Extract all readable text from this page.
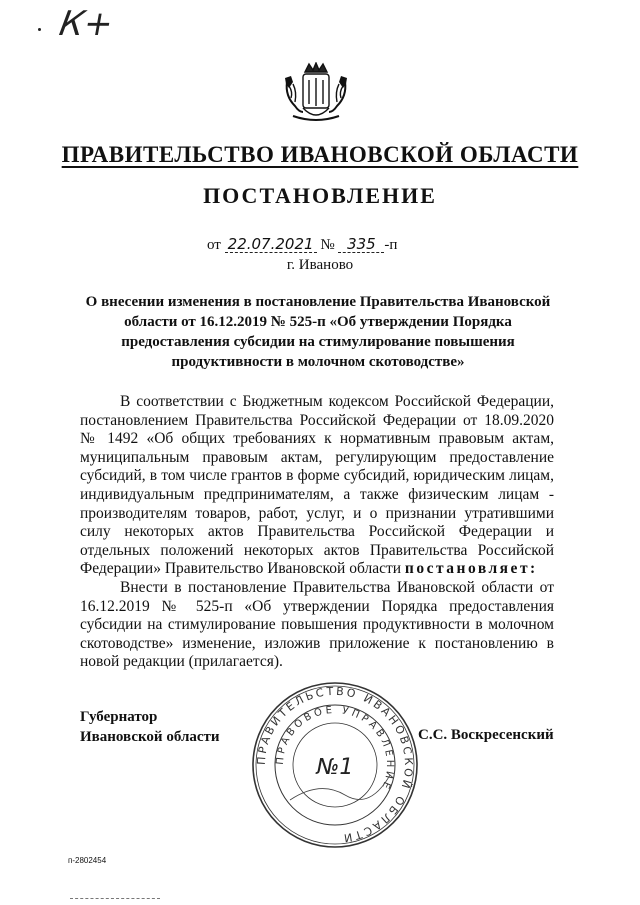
К+
ПРАВИТЕЛЬСТВО ИВАНОВСКОЙ ОБЛАСТИ
ПОСТАНОВЛЕНИЕ
от 22.07.2021 № 335 -п
г. Иваново
О внесении изменения в постановление Правительства Ивановской области от 16.12.2019 № 525-п «Об утверждении Порядка предоставления субсидии на стимулирование повышения продуктивности в молочном скотоводстве»

В соответствии с Бюджетным кодексом Российской Федерации, постановлением Правительства Российской Федерации от 18.09.2020 № 1492 «Об общих требованиях к нормативным правовым актам, муниципальным правовым актам, регулирующим предоставление субсидий, в том числе грантов в форме субсидий, юридическим лицам, индивидуальным предпринимателям, а также физическим лицам - производителям товаров, работ, услуг, и о признании утратившими силу некоторых актов Правительства Российской Федерации и отдельных положений некоторых актов Правительства Российской Федерации» Правительство Ивановской области постановляет:

Внести в постановление Правительства Ивановской области от 16.12.2019 № 525-п «Об утверждении Порядка предоставления субсидии на стимулирование повышения продуктивности в молочном скотоводстве» изменение, изложив приложение к постановлению в новой редакции (прилагается).

Губернатор
Ивановской области
ПРАВИТЕЛЬСТВО ИВАНОВСКОЙ ОБЛАСТИ
ПРАВОВОЕ УПРАВЛЕНИЕ
№1
С.С. Воскресенский
п-2802454
